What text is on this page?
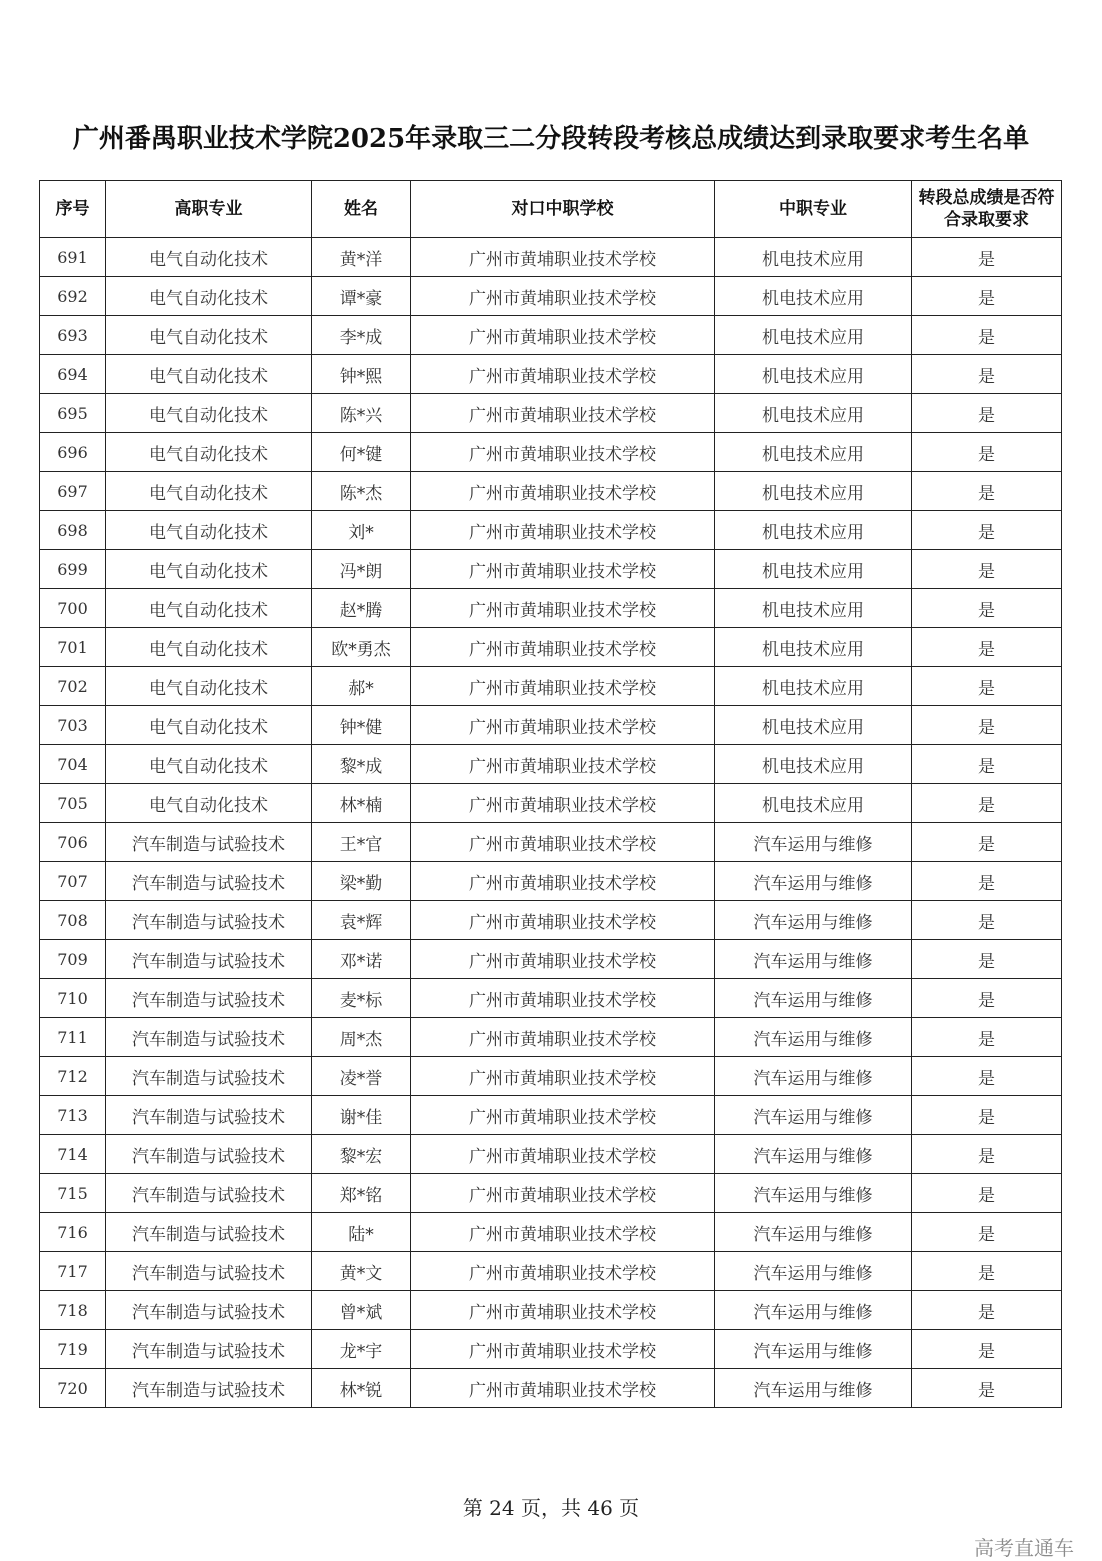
广州番禺职业技术学院2025年录取三二分段转段考核总成绩达到录取要求考生名单
序号	高职专业	姓名	对口中职学校	中职专业	转段总成绩是否符合录取要求
691	电气自动化技术	黄*洋	广州市黄埔职业技术学校	机电技术应用	是
692	电气自动化技术	谭*豪	广州市黄埔职业技术学校	机电技术应用	是
693	电气自动化技术	李*成	广州市黄埔职业技术学校	机电技术应用	是
694	电气自动化技术	钟*熙	广州市黄埔职业技术学校	机电技术应用	是
695	电气自动化技术	陈*兴	广州市黄埔职业技术学校	机电技术应用	是
696	电气自动化技术	何*键	广州市黄埔职业技术学校	机电技术应用	是
697	电气自动化技术	陈*杰	广州市黄埔职业技术学校	机电技术应用	是
698	电气自动化技术	刘*	广州市黄埔职业技术学校	机电技术应用	是
699	电气自动化技术	冯*朗	广州市黄埔职业技术学校	机电技术应用	是
700	电气自动化技术	赵*腾	广州市黄埔职业技术学校	机电技术应用	是
701	电气自动化技术	欧*勇杰	广州市黄埔职业技术学校	机电技术应用	是
702	电气自动化技术	郝*	广州市黄埔职业技术学校	机电技术应用	是
703	电气自动化技术	钟*健	广州市黄埔职业技术学校	机电技术应用	是
704	电气自动化技术	黎*成	广州市黄埔职业技术学校	机电技术应用	是
705	电气自动化技术	林*楠	广州市黄埔职业技术学校	机电技术应用	是
706	汽车制造与试验技术	王*官	广州市黄埔职业技术学校	汽车运用与维修	是
707	汽车制造与试验技术	梁*勤	广州市黄埔职业技术学校	汽车运用与维修	是
708	汽车制造与试验技术	袁*辉	广州市黄埔职业技术学校	汽车运用与维修	是
709	汽车制造与试验技术	邓*诺	广州市黄埔职业技术学校	汽车运用与维修	是
710	汽车制造与试验技术	麦*标	广州市黄埔职业技术学校	汽车运用与维修	是
711	汽车制造与试验技术	周*杰	广州市黄埔职业技术学校	汽车运用与维修	是
712	汽车制造与试验技术	凌*誉	广州市黄埔职业技术学校	汽车运用与维修	是
713	汽车制造与试验技术	谢*佳	广州市黄埔职业技术学校	汽车运用与维修	是
714	汽车制造与试验技术	黎*宏	广州市黄埔职业技术学校	汽车运用与维修	是
715	汽车制造与试验技术	郑*铭	广州市黄埔职业技术学校	汽车运用与维修	是
716	汽车制造与试验技术	陆*	广州市黄埔职业技术学校	汽车运用与维修	是
717	汽车制造与试验技术	黄*文	广州市黄埔职业技术学校	汽车运用与维修	是
718	汽车制造与试验技术	曾*斌	广州市黄埔职业技术学校	汽车运用与维修	是
719	汽车制造与试验技术	龙*宇	广州市黄埔职业技术学校	汽车运用与维修	是
720	汽车制造与试验技术	林*锐	广州市黄埔职业技术学校	汽车运用与维修	是
第 24 页，共 46 页
高考直通车
